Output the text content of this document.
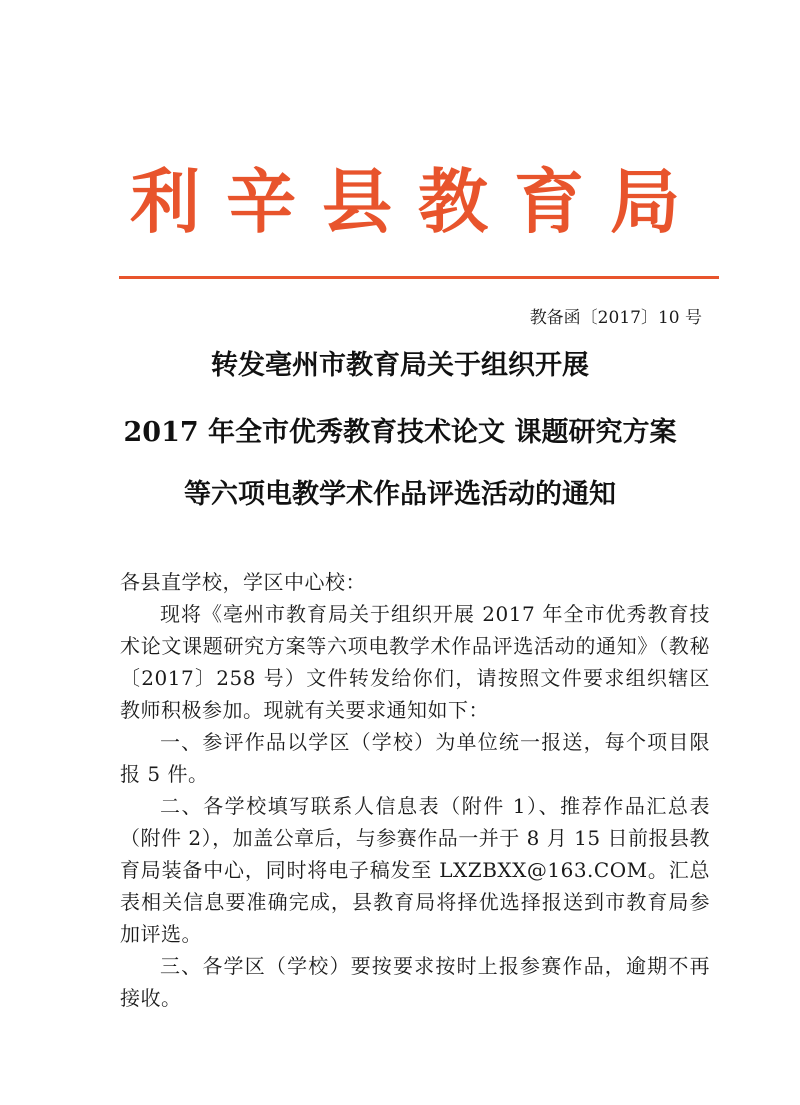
利辛县教育局
教备函〔2017〕10 号
转发亳州市教育局关于组织开展
2017 年全市优秀教育技术论文 课题研究方案
等六项电教学术作品评选活动的通知

各县直学校，学区中心校：

现将《亳州市教育局关于组织开展 2017 年全市优秀教育技术论文课题研究方案等六项电教学术作品评选活动的通知》（教秘〔2017〕258 号）文件转发给你们，请按照文件要求组织辖区教师积极参加。现就有关要求通知如下：

一、参评作品以学区（学校）为单位统一报送，每个项目限报 5 件。

二、各学校填写联系人信息表（附件 1）、推荐作品汇总表（附件 2），加盖公章后，与参赛作品一并于 8 月 15 日前报县教育局装备中心，同时将电子稿发至 LXZBXX@163.COM。汇总表相关信息要准确完成，县教育局将择优选择报送到市教育局参加评选。

三、各学区（学校）要按要求按时上报参赛作品，逾期不再接收。
